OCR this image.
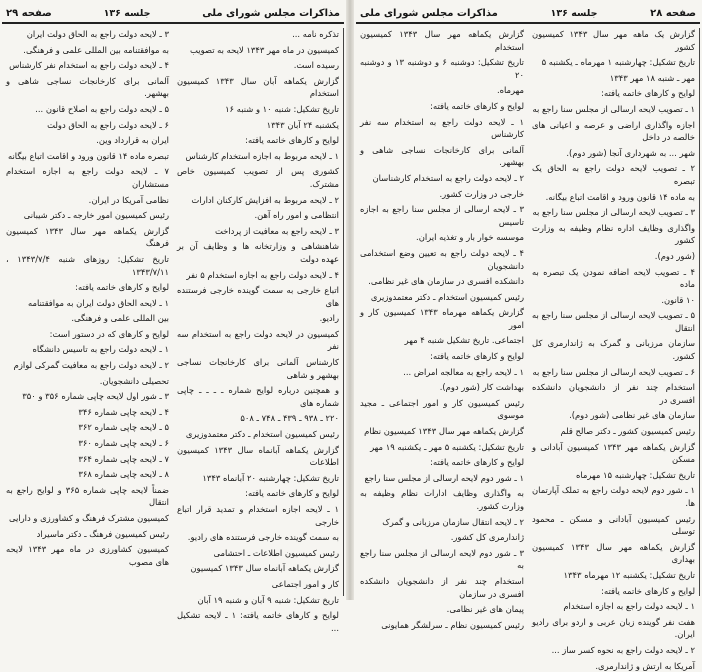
مذاکرات مجلس شورای ملی
جلسه ۱۳۶
صفحه ۲۹

۳ ـ لایحه دولت راجع به الحاق دولت ایران

به موافقتنامه بین المللی علمی و فرهنگی.

۴ ـ لایحه دولت راجع به استخدام نفر کارشناس

آلمانی برای کارخانجات نساجی شاهی و بهشهر.

۵ ـ لایحه دولت راجع به اصلاح قانون ...

۶ ـ لایحه دولت راجع به الحاق دولت

ایران به قرارداد وین.

تبصره ماده ۱۴ قانون ورود و اقامت اتباع بیگانه

۷ ـ لایحه دولت راجع به اجازه استخدام مستشاران

نظامی آمریکا در ایران.

رئیس کمیسیون امور خارجه ـ دکتر شیبانی

گزارش یکماهه مهر سال ۱۳۴۳ کمیسیون فرهنگ

تاریخ تشکیل: روزهای شنبه ۱۳۴۳/۷/۴ ، ۱۳۴۳/۷/۱۱

لوایح و کارهای خاتمه یافته:

۱ ـ لایحه الحاق دولت ایران به موافقتنامه

بین المللی علمی و فرهنگی.

لوایح و کارهای که در دستور است:

۱ ـ لایحه دولت راجع به تاسیس دانشگاه

۲ ـ لایحه دولت راجع به معافیت گمرکی لوازم

تحصیلی دانشجویان.

۳ ـ شور اول لایحه چاپی شماره ۳۵۶ و ۳۵۰

۴ ـ لایحه چاپی شماره ۳۴۶

۵ ـ لایحه چاپی شماره ۳۶۲

۶ ـ لایحه چاپی شماره ۳۶۰

۷ ـ لایحه چاپی شماره ۳۶۴

۸ ـ لایحه چاپی شماره ۳۶۸

ضمناً لایحه چاپی شماره ۳۶۵ و لوایح راجع به انتقال

کمیسیون مشترک فرهنگ و کشاورزی و دارایی

رئیس کمیسیون فرهنگ ـ دکتر ماسیراد

کمیسیون کشاورزی در ماه مهر ۱۳۴۳ لایحه های مصوب

تذکره نامه ...

کمیسیون در ماه مهر ۱۳۴۳ لایحه به تصویب

رسیده است.

گزارش یکماهه آبان سال ۱۳۴۳ کمیسیون استخدام

تاریخ تشکیل: شنبه ۱۰ و شنبه ۱۶

یکشنبه ۲۴ آبان ۱۳۴۳

لوایح و کارهای خاتمه یافته:

۱ ـ لایحه مربوط به اجازه استخدام کارشناس

کشوری پس از تصویب کمیسیون خاص مشترک.

۲ ـ لایحه مربوط به افزایش کارکنان ادارات

انتظامی و امور راه آهن.

۳ ـ لایحه راجع به معافیت از پرداخت

شاهنشاهی و وزارتخانه ها و وظایف آن بر عهده دولت

۴ ـ لایحه دولت راجع به اجازه استخدام ۵ نفر

اتباع خارجی به سمت گوینده خارجی فرستنده های

رادیو.

کمیسیون در لایحه دولت راجع به استخدام سه نفر

کارشناس آلمانی برای کارخانجات نساجی بهشهر و شاهی

و همچنین درباره لوایح شماره ـ ـ ـ ـ چاپی شماره های

۲۲۰ ـ ۹۳۸ ـ ۴۳۹ ـ ۷۴۸ ـ ۵۰۸

رئیس کمیسیون استخدام ـ دکتر معتمدوزیری

گزارش یکماهه آبانماه سال ۱۳۴۳ کمیسیون اطلاعات

تاریخ تشکیل: چهارشنبه ۲۰ آبانماه ۱۳۴۳

لوایح و کارهای خاتمه یافته:

۱ ـ لایحه اجازه استخدام و تمدید قرار اتباع خارجی

به سمت گوینده خارجی فرستنده های رادیو.

رئیس کمیسیون اطلاعات ـ احتشامی

گزارش یکماهه آبانماه سال ۱۳۴۳ کمیسیون

کار و امور اجتماعی

تاریخ تشکیل: شنبه ۹ آبان و شنبه ۱۹ آبان

لوایح و کارهای خاتمه یافته: ۱ ـ لایحه تشکیل ...

صفحه ۲۸
جلسه ۱۳۶
مذاکرات مجلس شورای ملی

گزارش یکماهه مهر سال ۱۳۴۳ کمیسیون استخدام

تاریخ تشکیل: دوشنبه ۶ و دوشنبه ۱۳ و دوشنبه ۲۰

مهرماه.

لوایح و کارهای خاتمه یافته:

۱ ـ لایحه دولت راجع به استخدام سه نفر کارشناس

آلمانی برای کارخانجات نساجی شاهی و بهشهر.

۲ ـ لایحه دولت راجع به استخدام کارشناسان

خارجی در وزارت کشور.

۳ ـ لایحه ارسالی از مجلس سنا راجع به اجازه تاسیس

موسسه خوار بار و تغذیه ایران.

۴ ـ لایحه دولت راجع به تعیین وضع استخدامی دانشجویان

دانشکده افسری در سازمان های غیر نظامی.

رئیس کمیسیون استخدام ـ دکتر معتمدوزیری

گزارش یکماهه مهرماه ۱۳۴۳ کمیسیون کار و امور

اجتماعی. تاریخ تشکیل شنبه ۴ مهر

لوایح و کارهای خاتمه یافته:

۱ ـ لایحه راجع به معالجه امراض ...

بهداشت کار (شور دوم).

رئیس کمیسیون کار و امور اجتماعی ـ مجید موسوی

گزارش یکماهه مهر سال ۱۳۴۳ کمیسیون نظام

تاریخ تشکیل: یکشنبه ۵ مهر ـ یکشنبه ۱۹ مهر

لوایح و کارهای خاتمه یافته:

۱ ـ شور دوم لایحه ارسالی از مجلس سنا راجع

به واگذاری وظایف ادارات نظام وظیفه به وزارت کشور.

۲ ـ لایحه انتقال سازمان مرزبانی و گمرک

ژاندارمری کل کشور.

۳ ـ شور دوم لایحه ارسالی از مجلس سنا راجع به

استخدام چند نفر از دانشجویان دانشکده افسری در سازمان

پیمان های غیر نظامی.

رئیس کمیسیون نظام ـ سرلشگر همایونی

گزارش یک ماهه مهر سال ۱۳۴۳ کمیسیون کشور

تاریخ تشکیل: چهارشنبه ۱ مهرماه ـ یکشنبه ۵

مهر ـ شنبه ۱۸ مهر ۱۳۴۳

لوایح و کارهای خاتمه یافته:

۱ ـ تصویب لایحه ارسالی از مجلس سنا راجع به

اجازه واگذاری اراضی و عرصه و اعیانی های خالصه در داخل

شهر ... به شهرداری آنجا (شور دوم).

۲ ـ تصویب لایحه دولت راجع به الحاق یک تبصره

به ماده ۱۴ قانون ورود و اقامت اتباع بیگانه.

۳ ـ تصویب لایحه ارسالی از مجلس سنا راجع به

واگذاری وظایف اداره نظام وظیفه به وزارت کشور

(شور دوم).

۴ ـ تصویب لایحه اضافه نمودن یک تبصره به ماده

۱۰ قانون.

۵ ـ تصویب لایحه ارسالی از مجلس سنا راجع به انتقال

سازمان مرزبانی و گمرک به ژاندارمری کل کشور.

۶ ـ تصویب لایحه ارسالی از مجلس سنا راجع به

استخدام چند نفر از دانشجویان دانشکده افسری در

سازمان های غیر نظامی (شور دوم).

رئیس کمیسیون کشور ـ دکتر صالح قلم

گزارش یکماهه مهر ۱۳۴۳ کمیسیون آبادانی و مسکن

تاریخ تشکیل: چهارشنبه ۱۵ مهرماه

۱ ـ شور دوم لایحه دولت راجع به تملک آپارتمان ها.

رئیس کمیسیون آبادانی و مسکن ـ محمود توسلی

گزارش یکماهه مهر سال ۱۳۴۳ کمیسیون بهداری

تاریخ تشکیل: یکشنبه ۱۲ مهرماه ۱۳۴۳

لوایح و کارهای خاتمه یافته:

۱ ـ لایحه دولت راجع به اجازه استخدام

هفت نفر گوینده زبان عربی و اردو برای رادیو ایران.

۲ ـ لایحه دولت راجع به نحوه کسر ساز ...

آمریکا به ارتش و ژاندارمری.
